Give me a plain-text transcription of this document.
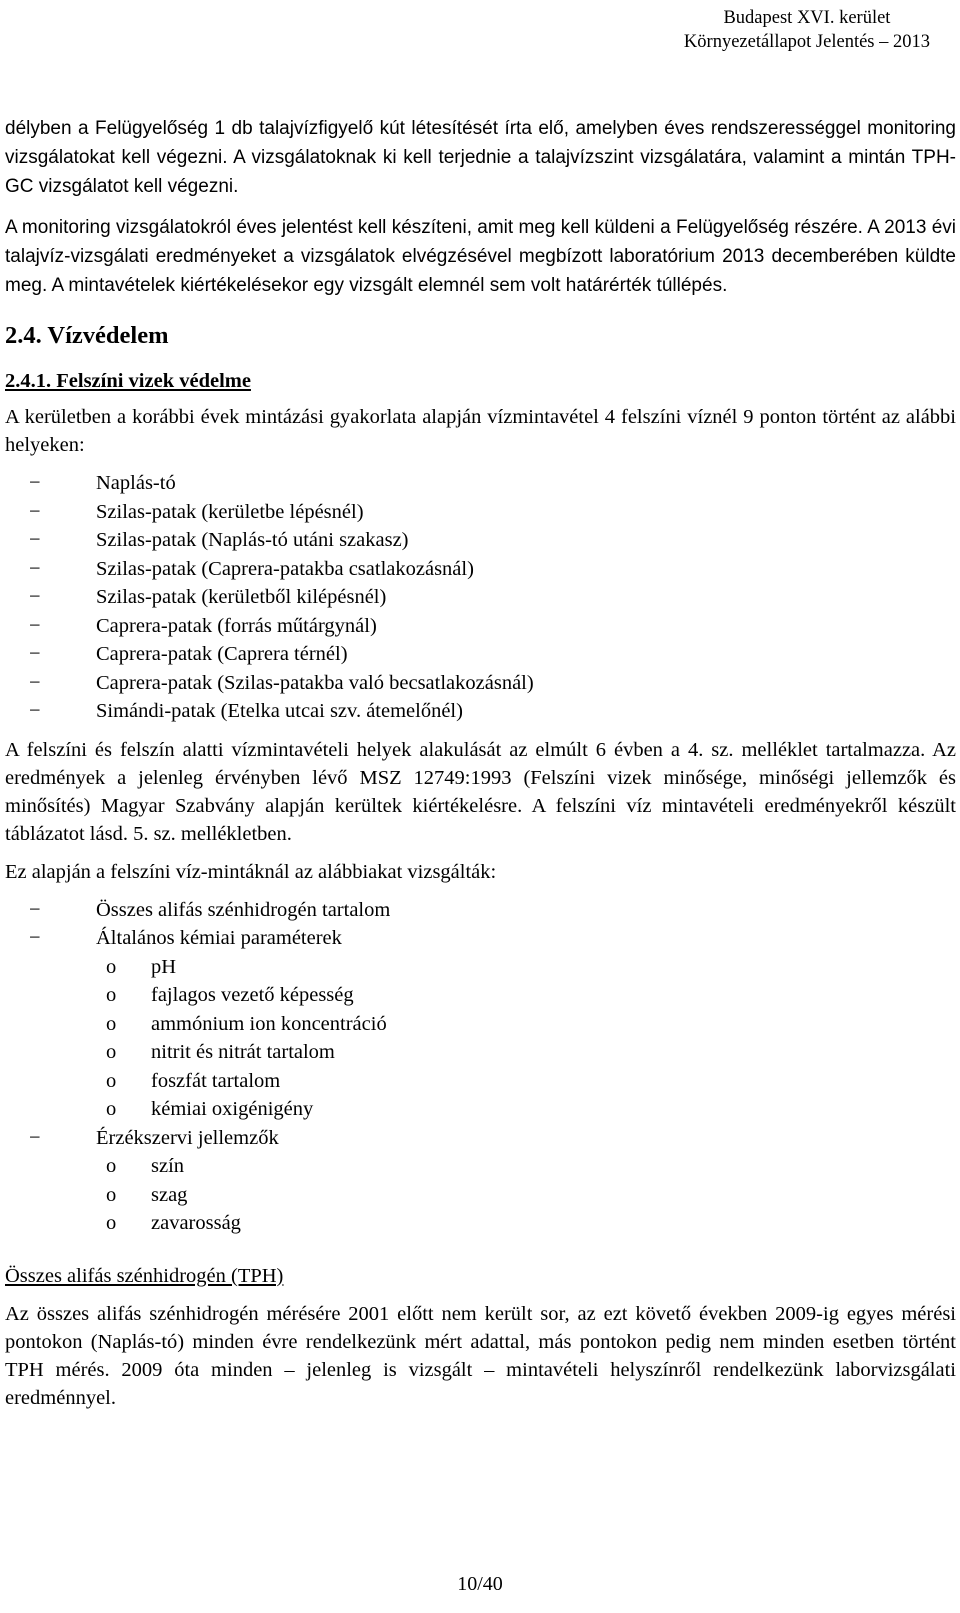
Budapest XVI. kerület
Környezetállapot Jelentés – 2013

délyben a Felügyelőség 1 db talajvízfigyelő kút létesítését írta elő, amelyben éves rendszerességgel monitoring vizsgálatokat kell végezni. A vizsgálatoknak ki kell terjednie a talajvízszint vizsgálatára, valamint a mintán TPH-GC vizsgálatot kell végezni.

A monitoring vizsgálatokról éves jelentést kell készíteni, amit meg kell küldeni a Felügyelőség részére. A 2013 évi talajvíz-vizsgálati eredményeket a vizsgálatok elvégzésével megbízott laboratórium 2013 decemberében küldte meg. A mintavételek kiértékelésekor egy vizsgált elemnél sem volt határérték túllépés.

2.4. Vízvédelem
2.4.1. Felszíni vizek védelme

A kerületben a korábbi évek mintázási gyakorlata alapján vízmintavétel 4 felszíni víznél 9 ponton történt az alábbi helyeken:

−	Naplás-tó
−	Szilas-patak (kerületbe lépésnél)
−	Szilas-patak (Naplás-tó utáni szakasz)
−	Szilas-patak (Caprera-patakba csatlakozásnál)
−	Szilas-patak (kerületből kilépésnél)
−	Caprera-patak (forrás műtárgynál)
−	Caprera-patak (Caprera térnél)
−	Caprera-patak (Szilas-patakba való becsatlakozásnál)
−	Simándi-patak (Etelka utcai szv. átemelőnél)

A felszíni és felszín alatti vízmintavételi helyek alakulását az elmúlt 6 évben a 4. sz. melléklet tartalmazza. Az eredmények a jelenleg érvényben lévő MSZ 12749:1993 (Felszíni vizek minősége, minőségi jellemzők és minősítés) Magyar Szabvány alapján kerültek kiértékelésre. A felszíni víz mintavételi eredményekről készült táblázatot lásd. 5. sz. mellékletben.

Ez alapján a felszíni víz-mintáknál az alábbiakat vizsgálták:

−	Összes alifás szénhidrogén tartalom
−	Általános kémiai paraméterek
o pH
o fajlagos vezető képesség
o ammónium ion koncentráció
o nitrit és nitrát tartalom
o foszfát tartalom
o kémiai oxigénigény
−	Érzékszervi jellemzők
o szín
o szag
o zavarosság

Összes alifás szénhidrogén (TPH)

Az összes alifás szénhidrogén mérésére 2001 előtt nem került sor, az ezt követő években 2009-ig egyes mérési pontokon (Naplás-tó) minden évre rendelkezünk mért adattal, más pontokon pedig nem minden esetben történt TPH mérés. 2009 óta minden – jelenleg is vizsgált – mintavételi helyszínről rendelkezünk laborvizsgálati eredménnyel.

10/40
